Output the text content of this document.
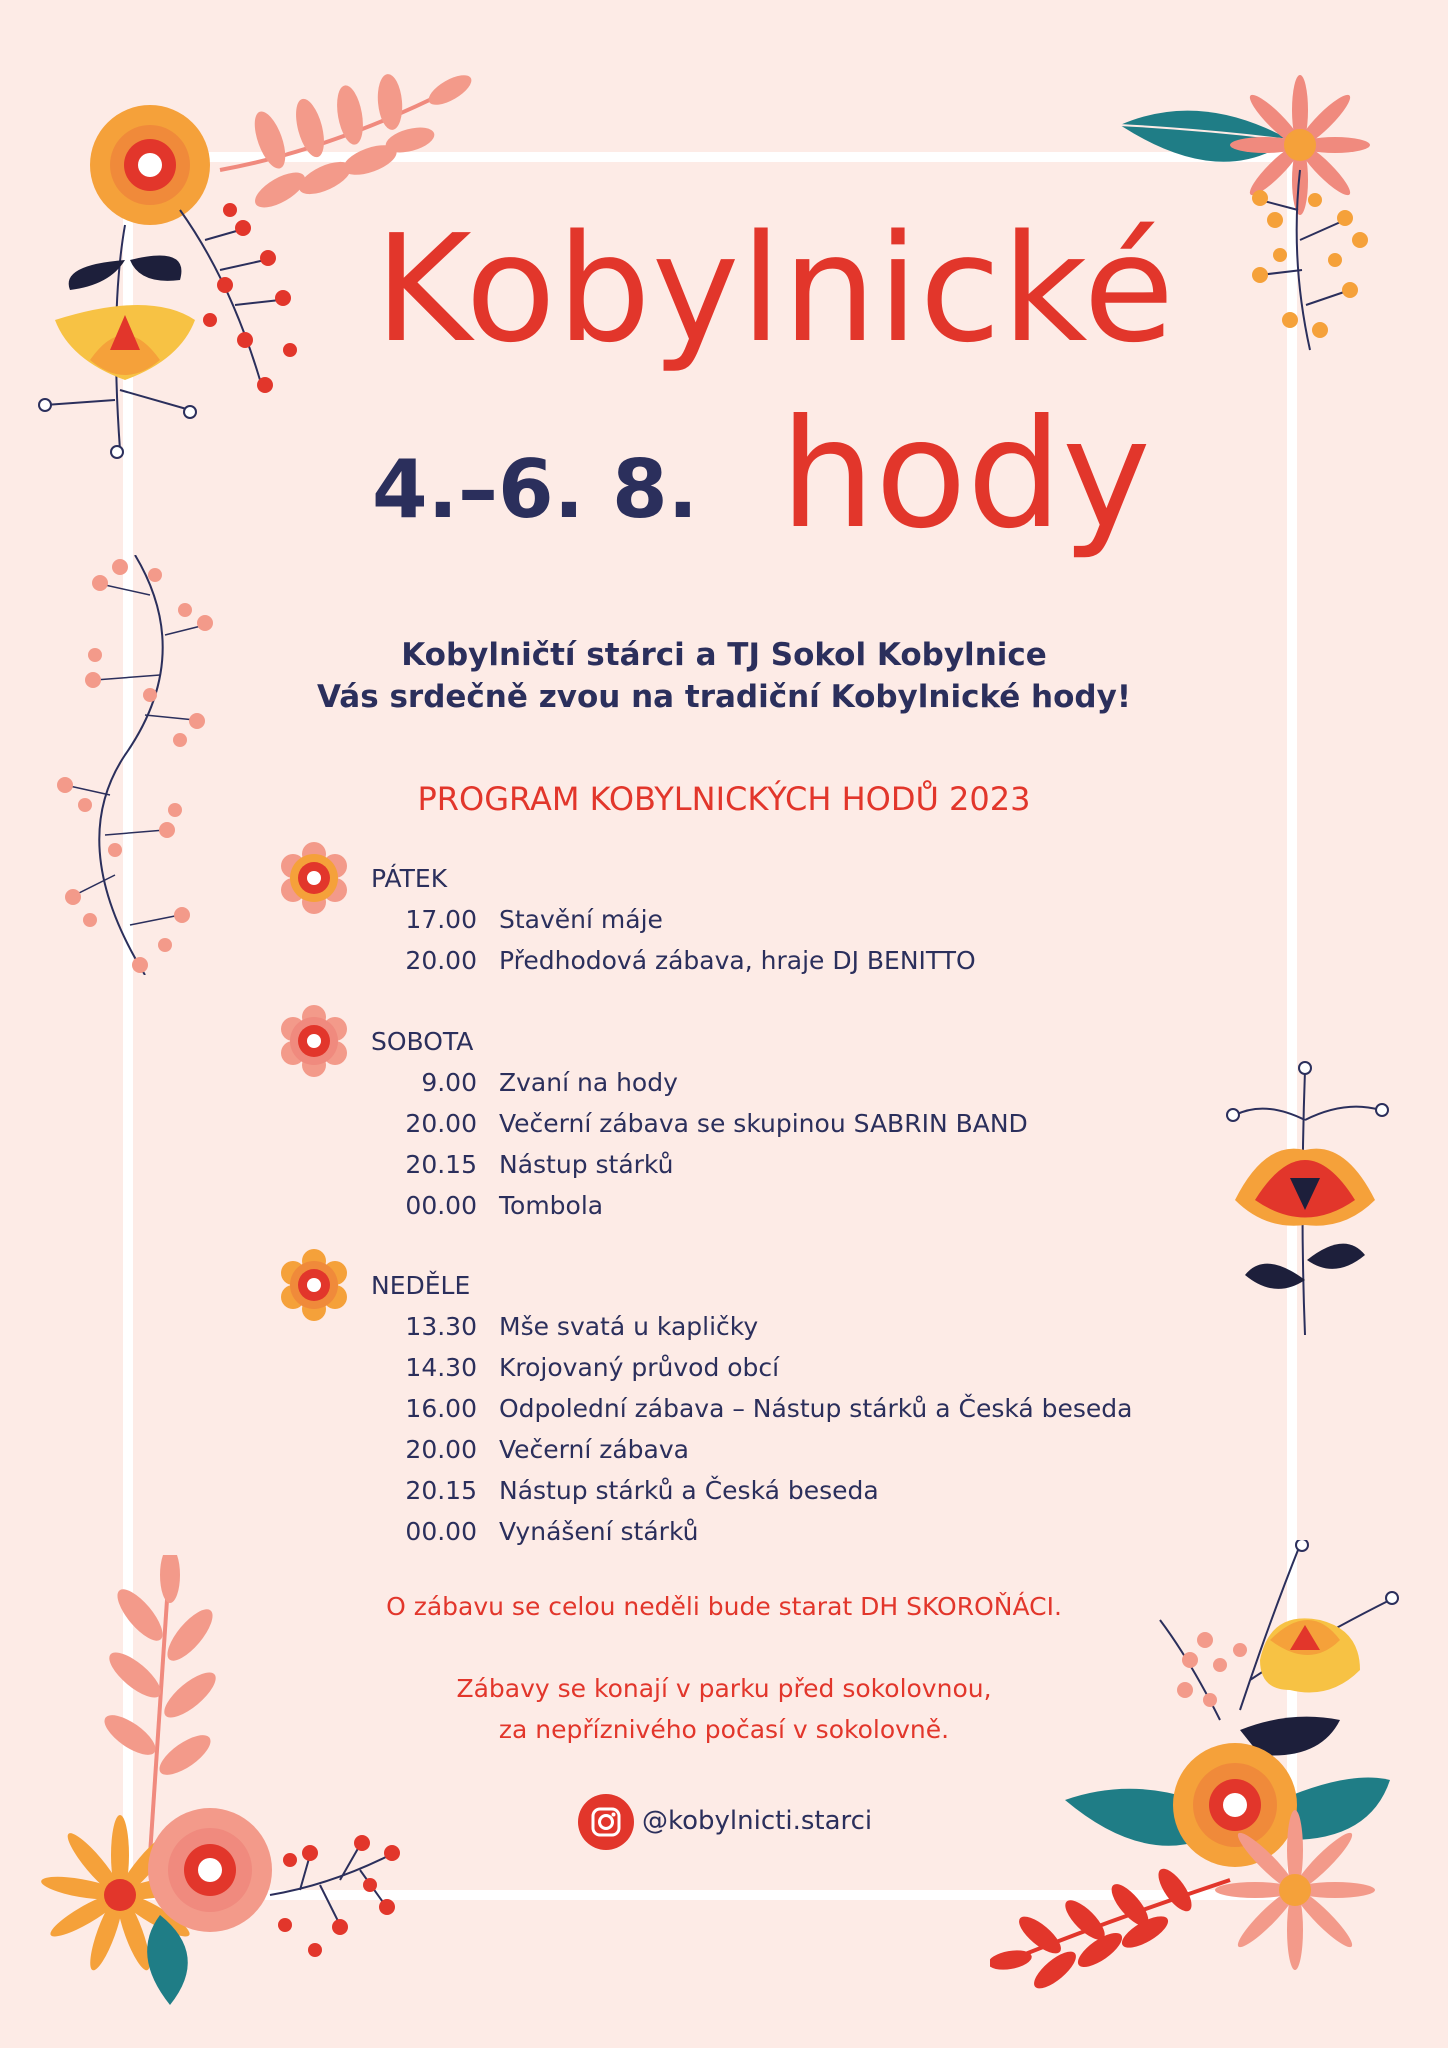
Kobylnické
4.–6. 8. hody
Kobylničtí stárci a TJ Sokol Kobylnice
Vás srdečně zvou na tradiční Kobylnické hody!
PROGRAM KOBYLNICKÝCH HODŮ 2023
PÁTEK
17.00 Stavění máje
20.00 Předhodová zábava, hraje DJ BENITTO
SOBOTA
9.00 Zvaní na hody
20.00 Večerní zábava se skupinou SABRIN BAND
20.15 Nástup stárků
00.00 Tombola
NEDĚLE
13.30 Mše svatá u kapličky
14.30 Krojovaný průvod obcí
16.00 Odpolední zábava – Nástup stárků a Česká beseda
20.00 Večerní zábava
20.15 Nástup stárků a Česká beseda
00.00 Vynášení stárků
O zábavu se celou neděli bude starat DH SKOROŇÁCI.
Zábavy se konají v parku před sokolovnou,
za nepříznivého počasí v sokolovně.
@kobylnicti.starci
